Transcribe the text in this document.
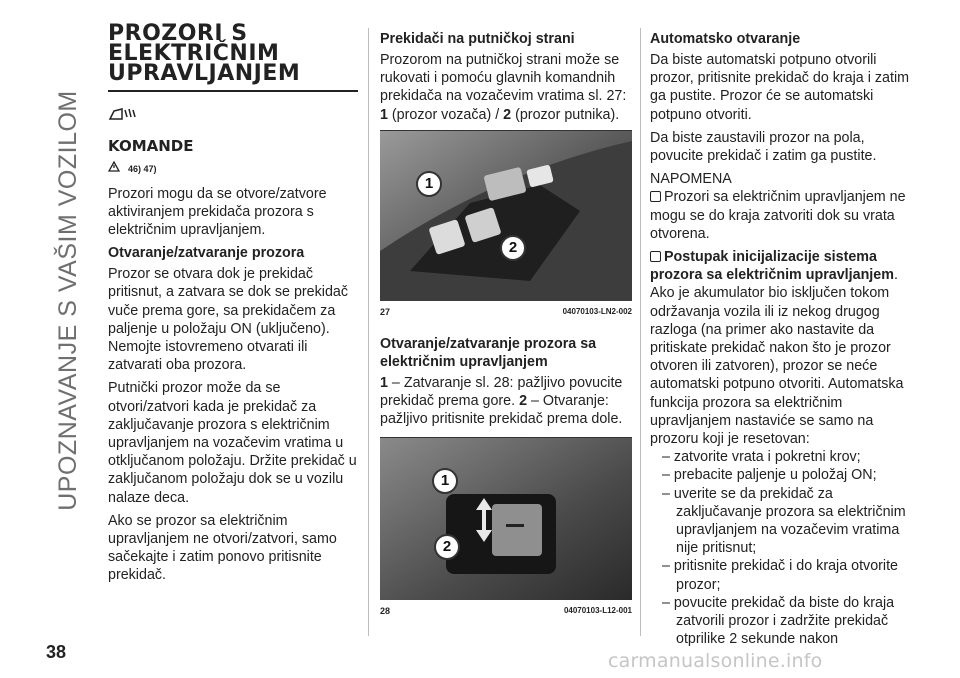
UPOZNAVANJE S VAŠIM VOZILOM
38	carmanualsonline.info
PROZORI S ELEKTRIČNIM UPRAVLJANJEM
KOMANDE
46) 47)

Prozori mogu da se otvore/zatvore aktiviranjem prekidača prozora s električnim upravljanjem.

Otvaranje/zatvaranje prozora

Prozor se otvara dok je prekidač pritisnut, a zatvara se dok se prekidač vuče prema gore, sa prekidačem za paljenje u položaju ON (uključeno). Nemojte istovremeno otvarati ili zatvarati oba prozora.

Putnički prozor može da se otvori/zatvori kada je prekidač za zaključavanje prozora s električnim upravljanjem na vozačevim vratima u otključanom položaju. Držite prekidač u zaključanom položaju dok se u vozilu nalaze deca.

Ako se prozor sa električnim upravljanjem ne otvori/zatvori, samo sačekajte i zatim ponovo pritisnite prekidač.

Prekidači na putničkoj strani

Prozorom na putničkoj strani može se rukovati i pomoću glavnih komandnih prekidača na vozačevim vratima sl. 27:

1 (prozor vozača) / 2 (prozor putnika).

1
2
27	04070103-LN2-002
Otvaranje/zatvaranje prozora sa električnim upravljanjem

1 – Zatvaranje sl. 28: pažljivo povucite prekidač prema gore. 2 – Otvaranje: pažljivo pritisnite prekidač prema dole.

1
2
28	04070103-L12-001
Automatsko otvaranje

Da biste automatski potpuno otvorili prozor, pritisnite prekidač do kraja i zatim ga pustite. Prozor će se automatski potpuno otvoriti.

Da biste zaustavili prozor na pola, povucite prekidač i zatim ga pustite.

NAPOMENA

Prozori sa električnim upravljanjem ne mogu se do kraja zatvoriti dok su vrata otvorena.

Postupak inicijalizacije sistema prozora sa električnim upravljanjem. Ako je akumulator bio isključen tokom održavanja vozila ili iz nekog drugog razloga (na primer ako nastavite da pritiskate prekidač nakon što je prozor otvoren ili zatvoren), prozor se neće automatski potpuno otvoriti. Automatska funkcija prozora sa električnim upravljanjem nastaviće se samo na prozoru koji je resetovan:

– zatvorite vrata i pokretni krov;
– prebacite paljenje u položaj ON;
– uverite se da prekidač za zaključavanje prozora sa električnim upravljanjem na vozačevim vratima nije pritisnut;
– pritisnite prekidač i do kraja otvorite prozor;
– povucite prekidač da biste do kraja zatvorili prozor i zadržite prekidač otprilike 2 sekunde nakon
